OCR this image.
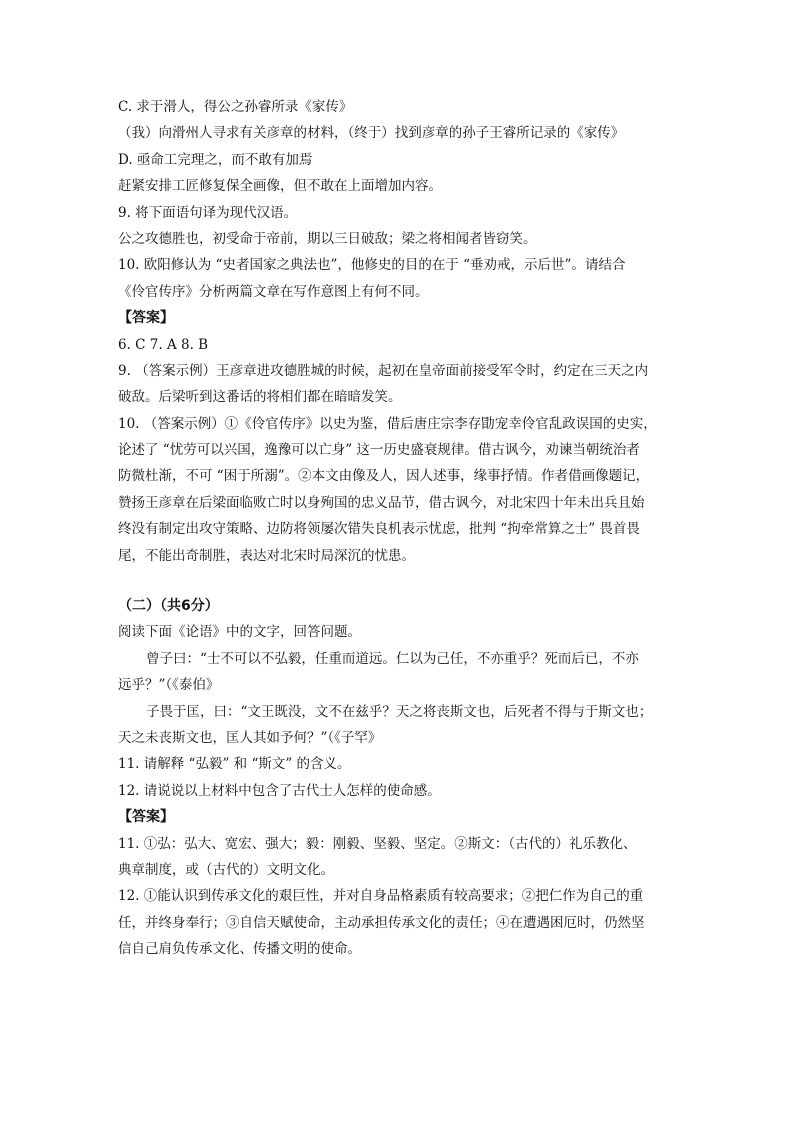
C. 求于滑人，得公之孙睿所录《家传》
（我）向滑州人寻求有关彦章的材料，（终于）找到彦章的孙子王睿所记录的《家传》
D. 亟命工完理之，而不敢有加焉
赶紧安排工匠修复保全画像，但不敢在上面增加内容。
9. 将下面语句译为现代汉语。
公之攻德胜也，初受命于帝前，期以三日破敌；梁之将相闻者皆窃笑。
10. 欧阳修认为 “史者国家之典法也”，他修史的目的在于 “垂劝戒，示后世”。请结合
《伶官传序》分析两篇文章在写作意图上有何不同。
【答案】
6. C 7. A 8. B
9. （答案示例）王彦章进攻德胜城的时候，起初在皇帝面前接受军令时，约定在三天之内
破敌。后梁听到这番话的将相们都在暗暗发笑。
10. （答案示例）①《伶官传序》以史为鉴，借后唐庄宗李存勖宠幸伶官乱政误国的史实，
论述了 “忧劳可以兴国，逸豫可以亡身” 这一历史盛衰规律。借古讽今，劝谏当朝统治者
防微杜渐，不可 “困于所溺”。②本文由像及人，因人述事，缘事抒情。作者借画像题记，
赞扬王彦章在后梁面临败亡时以身殉国的忠义品节，借古讽今，对北宋四十年未出兵且始
终没有制定出攻守策略、边防将领屡次错失良机表示忧虑，批判 “拘牵常算之士” 畏首畏
尾，不能出奇制胜，表达对北宋时局深沉的忧患。
（二）（共6分）
阅读下面《论语》中的文字，回答问题。
曾子曰：“士不可以不弘毅，任重而道远。仁以为己任，不亦重乎？死而后已，不亦
远乎？”（《泰伯》
子畏于匡，曰：“文王既没，文不在兹乎？天之将丧斯文也，后死者不得与于斯文也；
天之未丧斯文也，匡人其如予何？”（《子罕》
11. 请解释 “弘毅” 和 “斯文” 的含义。
12. 请说说以上材料中包含了古代士人怎样的使命感。
【答案】
11. ①弘：弘大、宽宏、强大；毅：刚毅、坚毅、坚定。②斯文：（古代的）礼乐教化、
典章制度，或（古代的）文明文化。
12. ①能认识到传承文化的艰巨性，并对自身品格素质有较高要求；②把仁作为自己的重
任，并终身奉行；③自信天赋使命，主动承担传承文化的责任；④在遭遇困厄时，仍然坚
信自己肩负传承文化、传播文明的使命。
